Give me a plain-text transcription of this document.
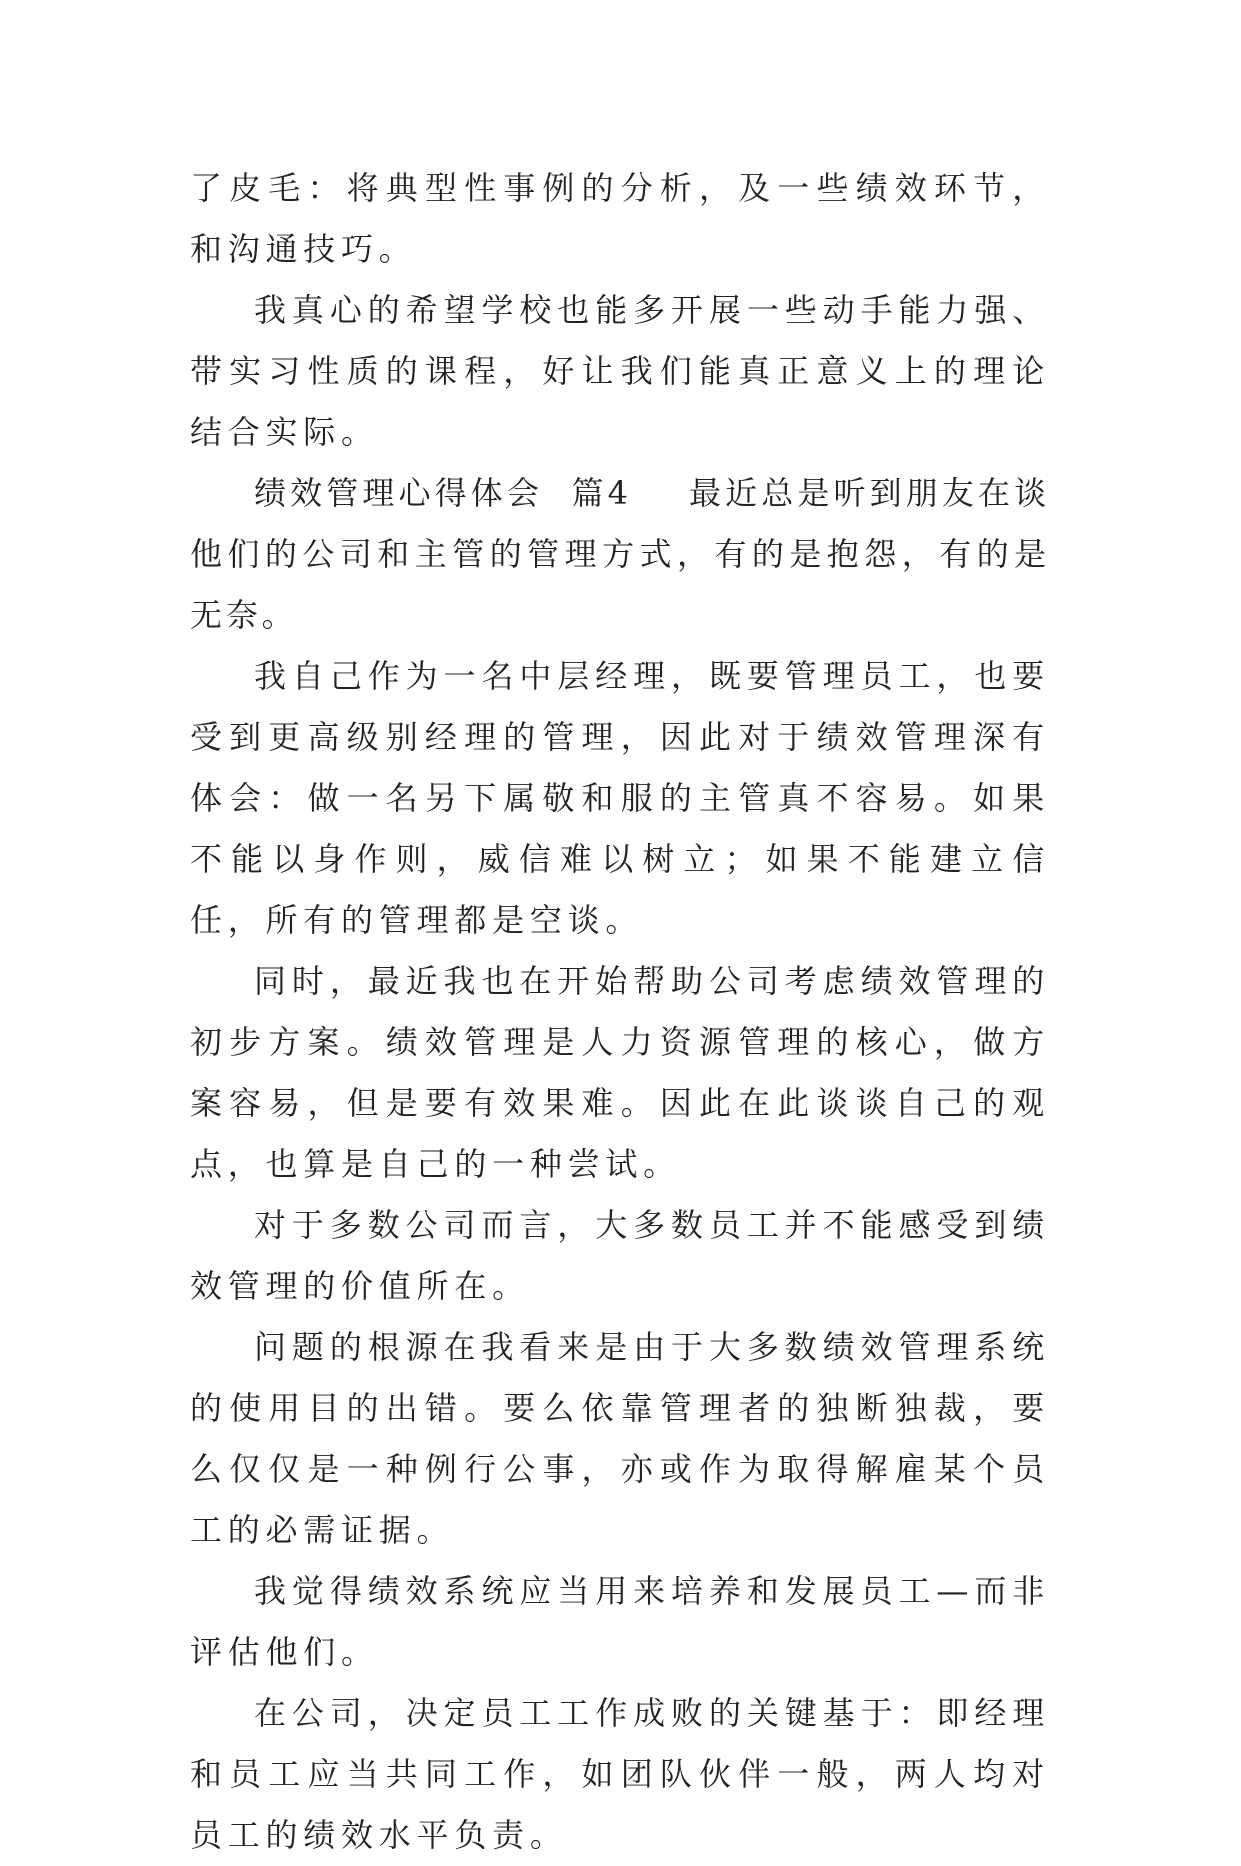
了皮毛：将典型性事例的分析，及一些绩效环节，和沟通技巧。

我真心的希望学校也能多开展一些动手能力强、带实习性质的课程，好让我们能真正意义上的理论结合实际。

绩效管理心得体会  篇4    最近总是听到朋友在谈他们的公司和主管的管理方式，有的是抱怨，有的是无奈。

我自己作为一名中层经理，既要管理员工，也要受到更高级别经理的管理，因此对于绩效管理深有体会：做一名另下属敬和服的主管真不容易。如果不能以身作则，威信难以树立；如果不能建立信任，所有的管理都是空谈。

同时，最近我也在开始帮助公司考虑绩效管理的初步方案。绩效管理是人力资源管理的核心，做方案容易，但是要有效果难。因此在此谈谈自己的观点，也算是自己的一种尝试。

对于多数公司而言，大多数员工并不能感受到绩效管理的价值所在。

问题的根源在我看来是由于大多数绩效管理系统的使用目的出错。要么依靠管理者的独断独裁，要么仅仅是一种例行公事，亦或作为取得解雇某个员工的必需证据。

我觉得绩效系统应当用来培养和发展员工—而非评估他们。

在公司，决定员工工作成败的关键基于：即经理和员工应当共同工作，如团队伙伴一般，两人均对员工的绩效水平负责。
